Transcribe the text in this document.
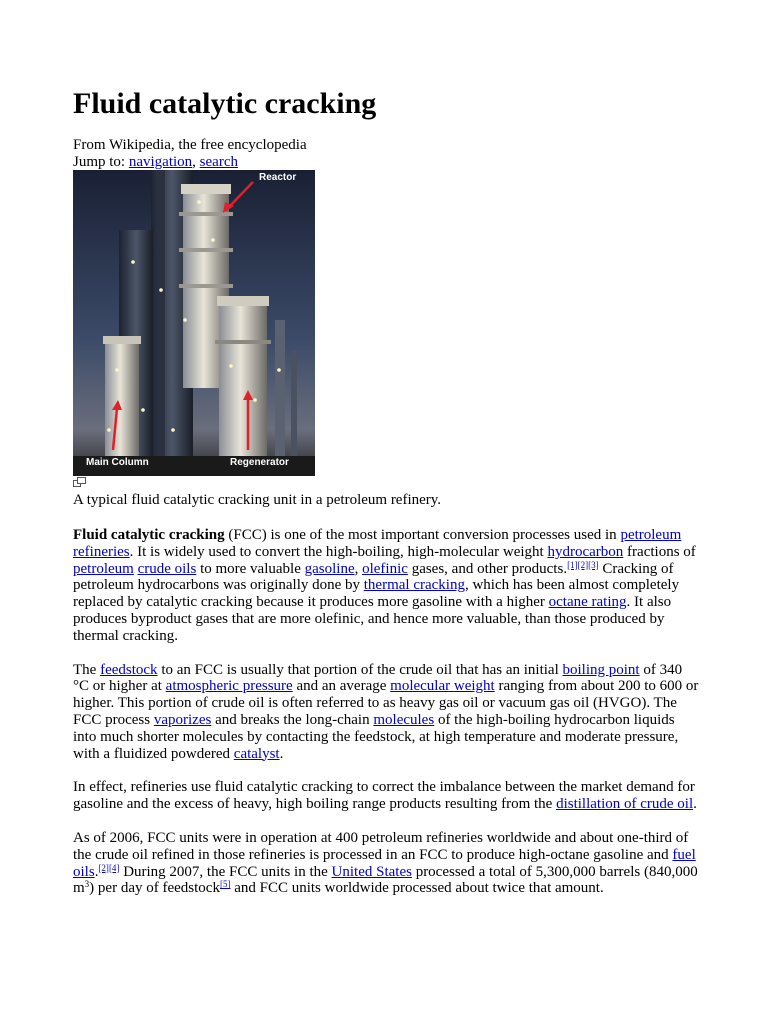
Fluid catalytic cracking
From Wikipedia, the free encyclopedia
Jump to: navigation, search
Reactor
Main Column	Regenerator
A typical fluid catalytic cracking unit in a petroleum refinery.

Fluid catalytic cracking (FCC) is one of the most important conversion processes used in petroleum refineries. It is widely used to convert the high-boiling, high-molecular weight hydrocarbon fractions of petroleum crude oils to more valuable gasoline, olefinic gases, and other products.[1][2][3] Cracking of petroleum hydrocarbons was originally done by thermal cracking, which has been almost completely replaced by catalytic cracking because it produces more gasoline with a higher octane rating. It also produces byproduct gases that are more olefinic, and hence more valuable, than those produced by thermal cracking.

The feedstock to an FCC is usually that portion of the crude oil that has an initial boiling point of 340 °C or higher at atmospheric pressure and an average molecular weight ranging from about 200 to 600 or higher. This portion of crude oil is often referred to as heavy gas oil or vacuum gas oil (HVGO). The FCC process vaporizes and breaks the long-chain molecules of the high-boiling hydrocarbon liquids into much shorter molecules by contacting the feedstock, at high temperature and moderate pressure, with a fluidized powdered catalyst.

In effect, refineries use fluid catalytic cracking to correct the imbalance between the market demand for gasoline and the excess of heavy, high boiling range products resulting from the distillation of crude oil.

As of 2006, FCC units were in operation at 400 petroleum refineries worldwide and about one-third of the crude oil refined in those refineries is processed in an FCC to produce high-octane gasoline and fuel oils.[2][4] During 2007, the FCC units in the United States processed a total of 5,300,000 barrels (840,000 $m^3$) per day of feedstock[5] and FCC units worldwide processed about twice that amount.
